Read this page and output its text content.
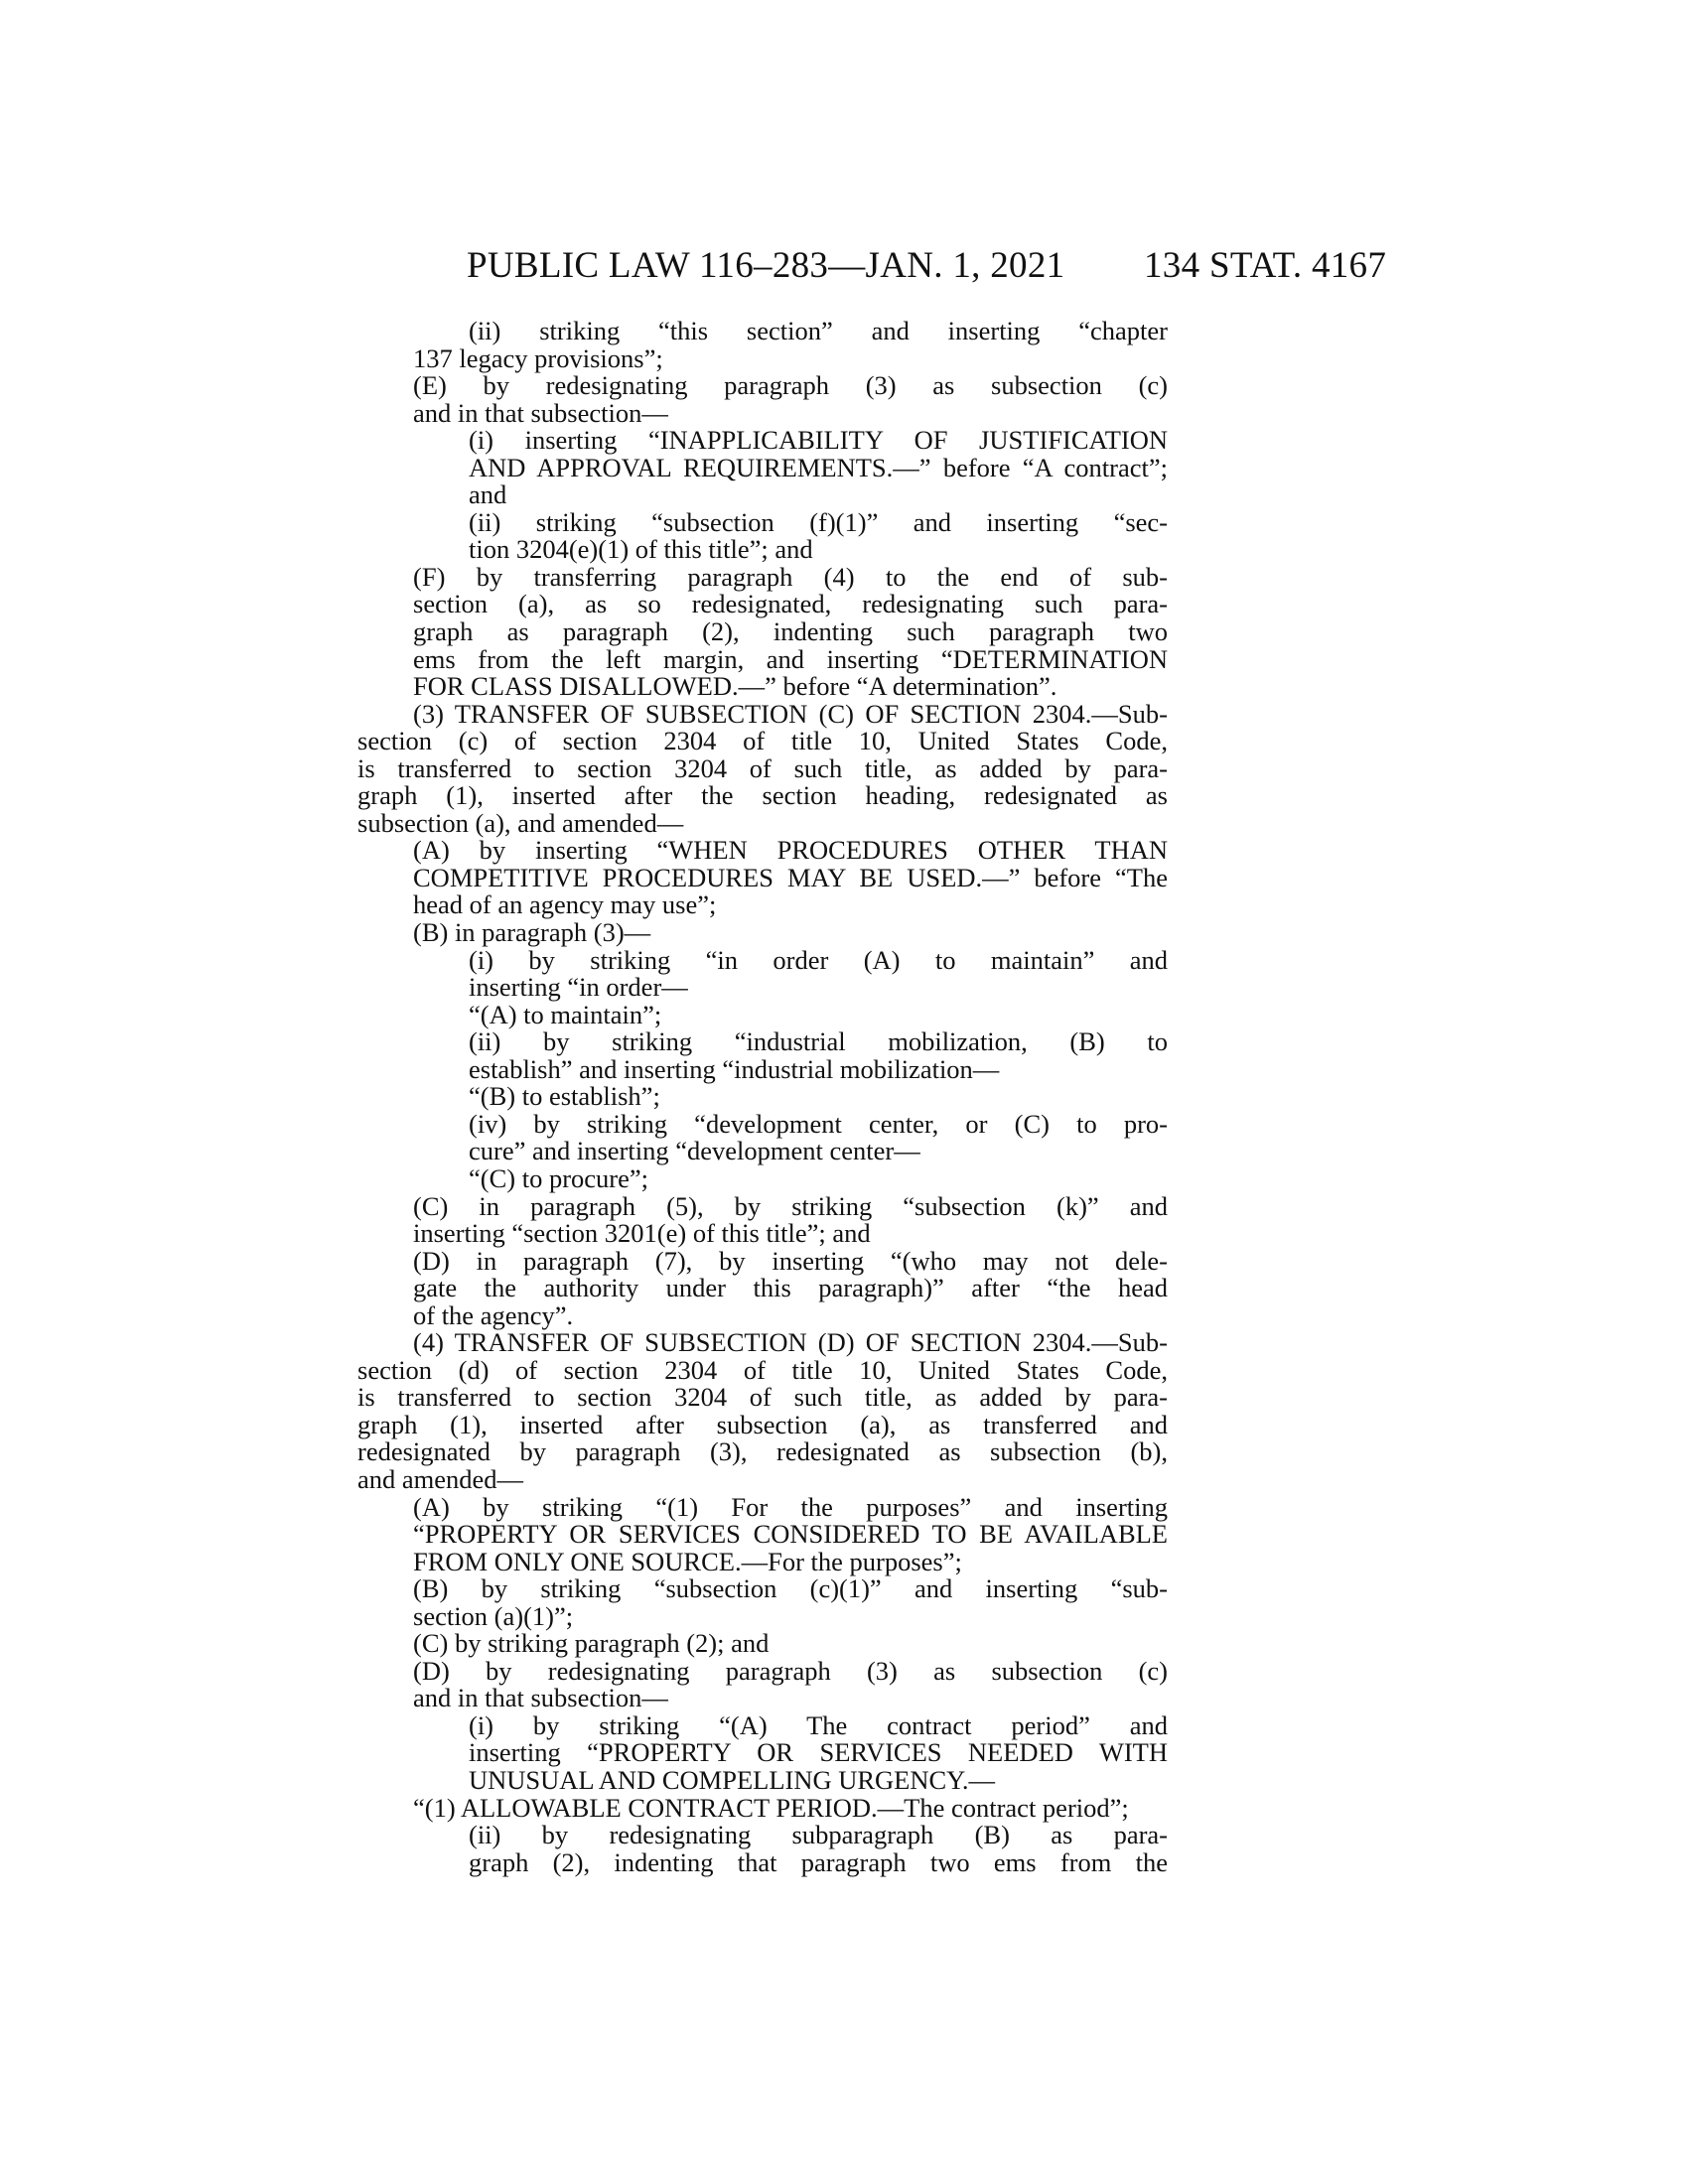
PUBLIC LAW 116–283—JAN. 1, 2021 134 STAT. 4167
(ii) striking “this section” and inserting “chapter
137 legacy provisions”;
(E) by redesignating paragraph (3) as subsection (c)
and in that subsection—
(i) inserting “INAPPLICABILITY OF JUSTIFICATION
AND APPROVAL REQUIREMENTS.—” before “A contract”;
and
(ii) striking “subsection (f)(1)” and inserting “sec-
tion 3204(e)(1) of this title”; and
(F) by transferring paragraph (4) to the end of sub-
section (a), as so redesignated, redesignating such para-
graph as paragraph (2), indenting such paragraph two
ems from the left margin, and inserting “DETERMINATION
FOR CLASS DISALLOWED.—” before “A determination”.
(3) TRANSFER OF SUBSECTION (C) OF SECTION 2304.—Sub-
section (c) of section 2304 of title 10, United States Code,
is transferred to section 3204 of such title, as added by para-
graph (1), inserted after the section heading, redesignated as
subsection (a), and amended—
(A) by inserting “WHEN PROCEDURES OTHER THAN
COMPETITIVE PROCEDURES MAY BE USED.—” before “The
head of an agency may use”;
(B) in paragraph (3)—
(i) by striking “in order (A) to maintain” and
inserting “in order—
“(A) to maintain”;
(ii) by striking “industrial mobilization, (B) to
establish” and inserting “industrial mobilization—
“(B) to establish”;
(iv) by striking “development center, or (C) to pro-
cure” and inserting “development center—
“(C) to procure”;
(C) in paragraph (5), by striking “subsection (k)” and
inserting “section 3201(e) of this title”; and
(D) in paragraph (7), by inserting “(who may not dele-
gate the authority under this paragraph)” after “the head
of the agency”.
(4) TRANSFER OF SUBSECTION (D) OF SECTION 2304.—Sub-
section (d) of section 2304 of title 10, United States Code,
is transferred to section 3204 of such title, as added by para-
graph (1), inserted after subsection (a), as transferred and
redesignated by paragraph (3), redesignated as subsection (b),
and amended—
(A) by striking “(1) For the purposes” and inserting
“PROPERTY OR SERVICES CONSIDERED TO BE AVAILABLE
FROM ONLY ONE SOURCE.—For the purposes”;
(B) by striking “subsection (c)(1)” and inserting “sub-
section (a)(1)”;
(C) by striking paragraph (2); and
(D) by redesignating paragraph (3) as subsection (c)
and in that subsection—
(i) by striking “(A) The contract period” and
inserting “PROPERTY OR SERVICES NEEDED WITH
UNUSUAL AND COMPELLING URGENCY.—
“(1) ALLOWABLE CONTRACT PERIOD.—The contract period”;
(ii) by redesignating subparagraph (B) as para-
graph (2), indenting that paragraph two ems from the
